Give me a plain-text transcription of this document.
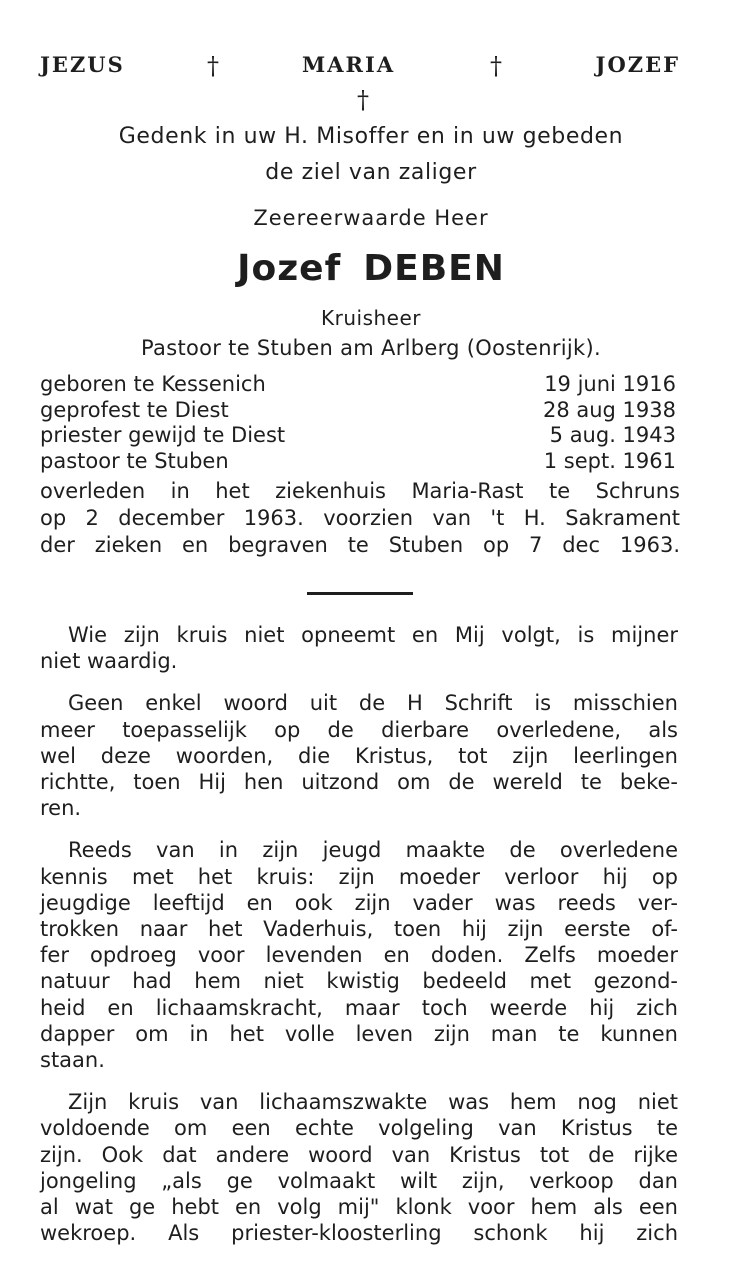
JEZUS	†	MARIA	†	JOZEF
†
Gedenk in uw H. Misoffer en in uw gebeden
de ziel van zaliger
Zeereerwaarde Heer
Jozef DEBEN
Kruisheer
Pastoor te Stuben am Arlberg (Oostenrijk).
geboren te Kessenich	19 juni 1916
geprofest te Diest	28 aug 1938
priester gewijd te Diest	5 aug. 1943
pastoor te Stuben	1 sept. 1961
overleden in het ziekenhuis Maria-Rast te Schruns
op 2 december 1963. voorzien van 't H. Sakrament
der zieken en begraven te Stuben op 7 dec 1963.
Wie zijn kruis niet opneemt en Mij volgt, is mijner
niet waardig.
Geen enkel woord uit de H Schrift is misschien
meer toepasselijk op de dierbare overledene, als
wel deze woorden, die Kristus, tot zijn leerlingen
richtte, toen Hij hen uitzond om de wereld te beke-
ren.
Reeds van in zijn jeugd maakte de overledene
kennis met het kruis: zijn moeder verloor hij op
jeugdige leeftijd en ook zijn vader was reeds ver-
trokken naar het Vaderhuis, toen hij zijn eerste of-
fer opdroeg voor levenden en doden. Zelfs moeder
natuur had hem niet kwistig bedeeld met gezond-
heid en lichaamskracht, maar toch weerde hij zich
dapper om in het volle leven zijn man te kunnen
staan.
Zijn kruis van lichaamszwakte was hem nog niet
voldoende om een echte volgeling van Kristus te
zijn. Ook dat andere woord van Kristus tot de rijke
jongeling „als ge volmaakt wilt zijn, verkoop dan
al wat ge hebt en volg mij" klonk voor hem als een
wekroep. Als priester-kloosterling schonk hij zich
